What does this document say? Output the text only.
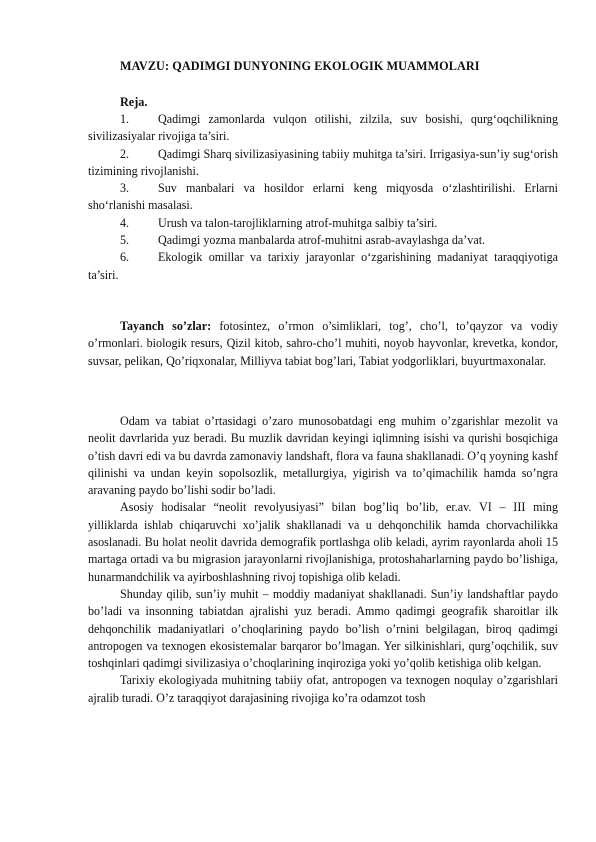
MAVZU: QADIMGI DUNYONING EKOLOGIK MUAMMOLARI
Reja.
1. Qadimgi zamonlarda vulqon otilishi, zilzila, suv bosishi, qurg‘oqchilikning sivilizasiyalar rivojiga ta’siri.
2. Qadimgi Sharq sivilizasiyasining tabiiy muhitga ta’siri. Irrigasiya-sun’iy sug‘orish tizimining rivojlanishi.
3. Suv manbalari va hosildor erlarni keng miqyosda o‘zlashtirilishi. Erlarni sho‘rlanishi masalasi.
4. Urush va talon-tarojliklarning atrof-muhitga salbiy ta’siri.
5. Qadimgi yozma manbalarda atrof-muhitni asrab-avaylashga da’vat.
6. Ekologik omillar va tarixiy jarayonlar o‘zgarishining madaniyat taraqqiyotiga ta’siri.

Tayanch so’zlar: fotosintez, o’rmon o’simliklari, tog’, cho’l, to’qayzor va vodiy o’rmonlari. biologik resurs, Qizil kitob, sahro-cho’l muhiti, noyob hayvonlar, krevetka, kondor, suvsar, pelikan, Qo’riqxonalar, Milliyva tabiat bog’lari, Tabiat yodgorliklari, buyurtmaxonalar.

Odam va tabiat o’rtasidagi o’zaro munosobatdagi eng muhim o’zgarishlar mezolit va neolit davrlarida yuz beradi. Bu muzlik davridan keyingi iqlimning isishi va qurishi bosqichiga o’tish davri edi va bu davrda zamonaviy landshaft, flora va fauna shakllanadi. O’q yoyning kashf qilinishi va undan keyin sopolsozlik, metallurgiya, yigirish va to’qimachilik hamda so’ngra aravaning paydo bo’lishi sodir bo’ladi.

Asosiy hodisalar “neolit revolyusiyasi” bilan bog’liq bo’lib, er.av. VI – III ming yilliklarda ishlab chiqaruvchi xo’jalik shakllanadi va u dehqonchilik hamda chorvachilikka asoslanadi. Bu holat neolit davrida demografik portlashga olib keladi, ayrim rayonlarda aholi 15 martaga ortadi va bu migrasion jarayonlarni rivojlanishiga, protoshaharlarning paydo bo’lishiga, hunarmandchilik va ayirboshlashning rivoj topishiga olib keladi.

Shunday qilib, sun’iy muhit – moddiy madaniyat shakllanadi. Sun’iy landshaftlar paydo bo’ladi va insonning tabiatdan ajralishi yuz beradi. Ammo qadimgi geografik sharoitlar ilk dehqonchilik madaniyatlari o’choqlarining paydo bo’lish o’rnini belgilagan, biroq qadimgi antropogen va texnogen ekosistemalar barqaror bo’lmagan. Yer silkinishlari, qurg’oqchilik, suv toshqinlari qadimgi sivilizasiya o’choqlarining inqiroziga yoki yo’qolib ketishiga olib kelgan.

Tarixiy ekologiyada muhitning tabiiy ofat, antropogen va texnogen noqulay o’zgarishlari ajralib turadi. O’z taraqqiyot darajasining rivojiga ko’ra odamzot tosh
